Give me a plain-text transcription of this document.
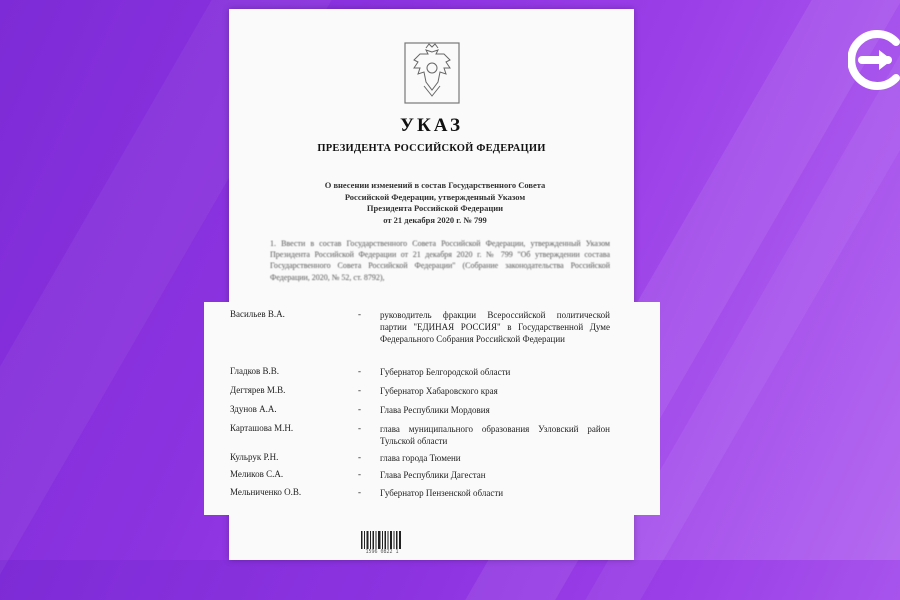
УКАЗ
ПРЕЗИДЕНТА РОССИЙСКОЙ ФЕДЕРАЦИИ
О внесении изменений в состав Государственного Совета
Российской Федерации, утвержденный Указом
Президента Российской Федерации
от 21 декабря 2020 г. № 799
1. Ввести в состав Государственного Совета Российской Федерации, утвержденный Указом Президента Российской Федерации от 21 декабря 2020 г. № 799 "Об утверждении состава Государственного Совета Российской Федерации" (Собрание законодательства Российской Федерации, 2020, № 52, ст. 8792),
Васильев В.А.	- руководитель фракции Всероссийской политической партии "ЕДИНАЯ РОССИЯ" в Государственной Думе Федерального Собрания Российской Федерации
Гладков В.В.	- Губернатор Белгородской области
Дегтярев М.В.	- Губернатор Хабаровского края
Здунов А.А.	- Глава Республики Мордовия
Карташова М.Н.	- глава муниципального образования Узловский район Тульской области
Кульрук Р.Н.	- глава города Тюмени
Меликов С.А.	- Глава Республики Дагестан
Мельниченко О.В.	- Губернатор Пензенской области
1596 0822 1
